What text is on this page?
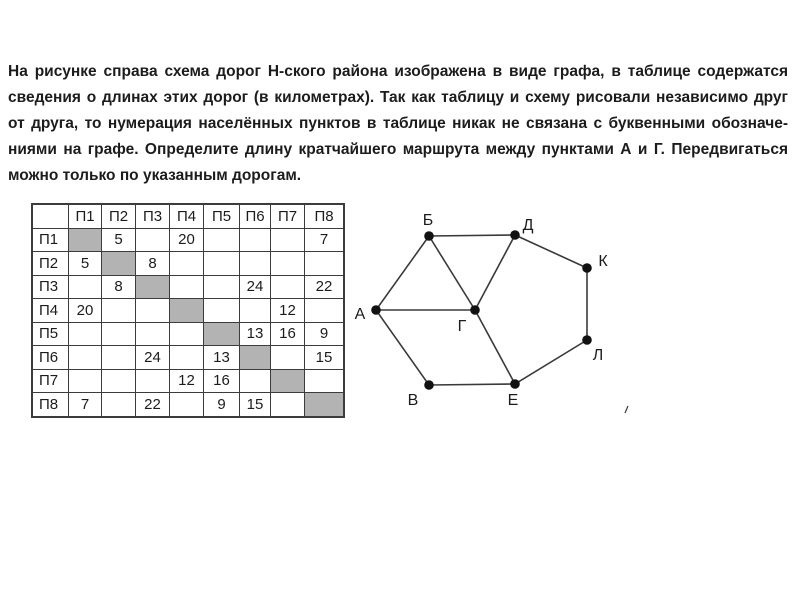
На рисунке справа схема дорог Н-ского района изображена в виде графа, в таблице содержатся
сведения о длинах этих дорог (в километрах). Так как таблицу и схему рисовали независимо друг
от друга, то нумерация населённых пунктов в таблице никак не связана с буквенными обозначе-
ниями на графе. Определите длину кратчайшего маршрута между пунктами А и Г. Передвигаться
можно только по указанным дорогам.
	П1	П2	П3	П4	П5	П6	П7	П8
П1		5		20				7
П2	5		8					
П3		8				24		22
П4	20						12	
П5						13	16	9
П6			24		13			15
П7				12	16			
П8	7		22		9	15		
А
Б
В
Г
Д
Е
К
Л
